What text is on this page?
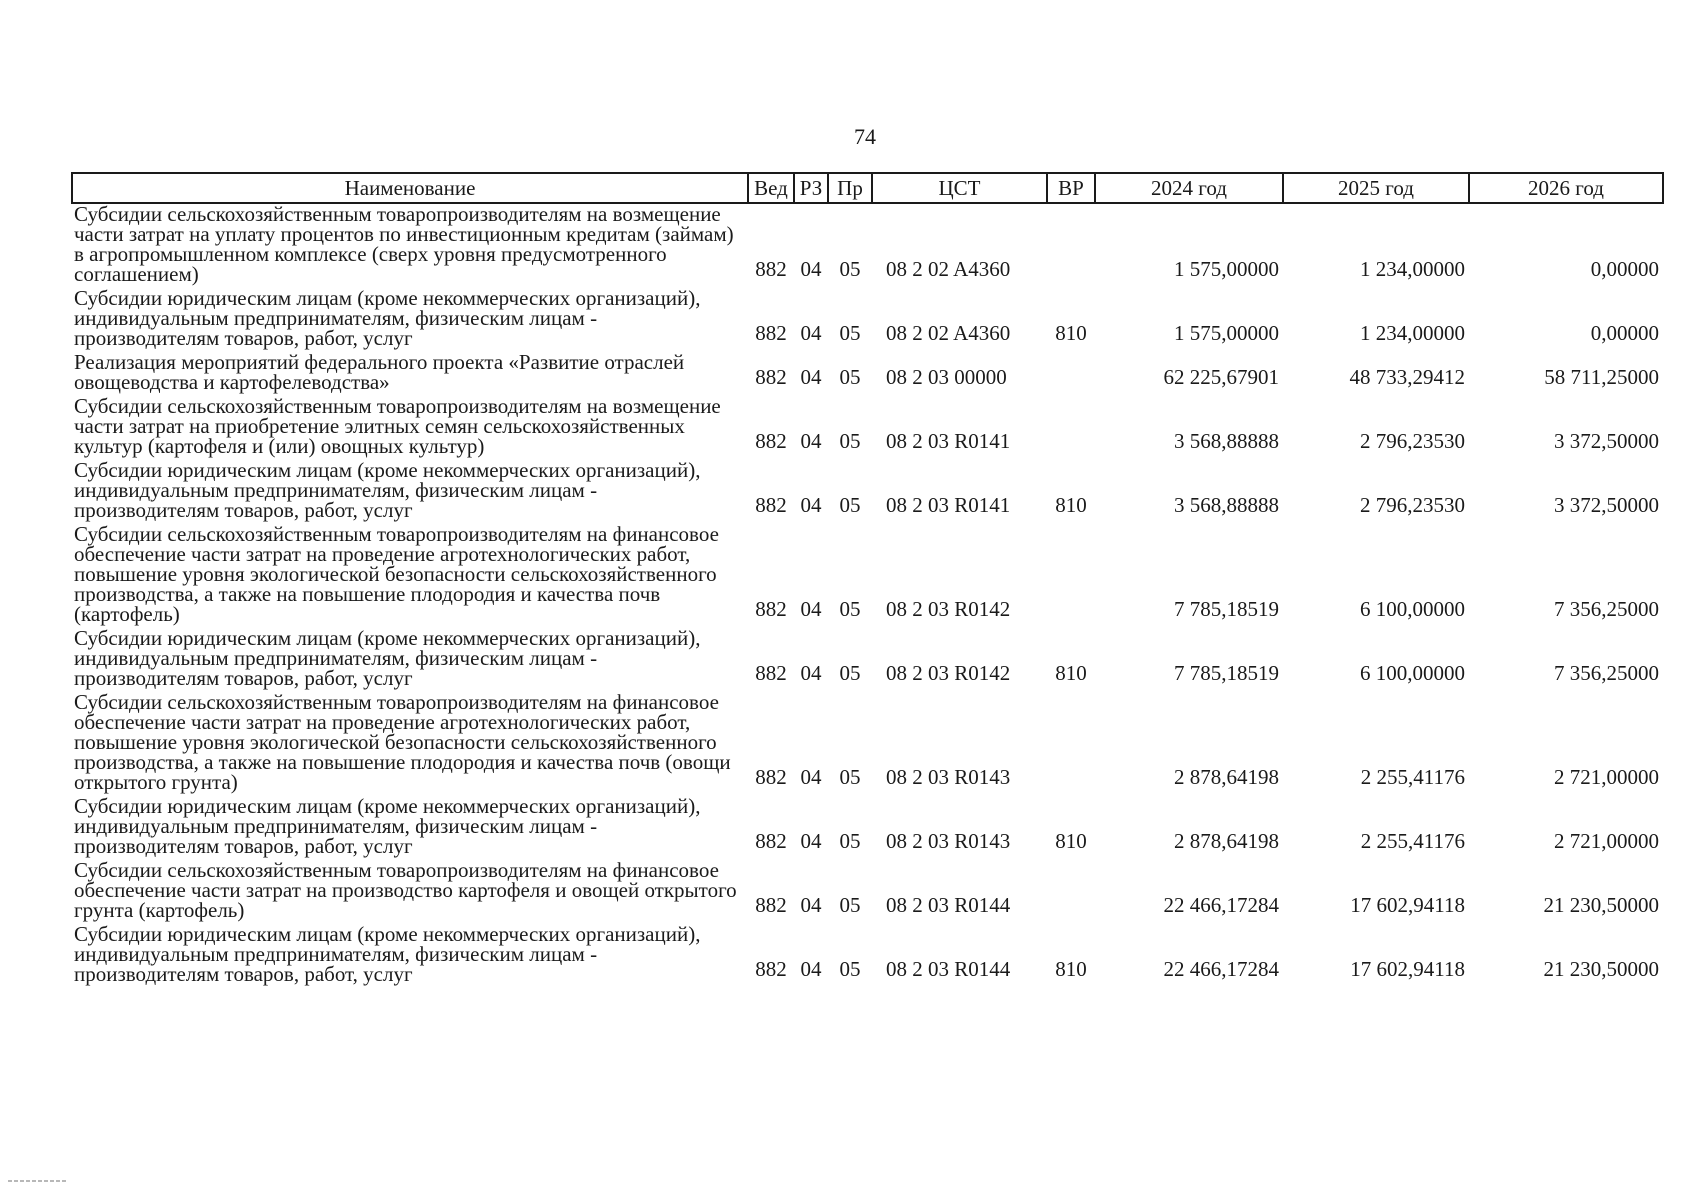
74
Наименование	Вед	РЗ	Пр	ЦСТ	ВР	2024 год	2025 год	2026 год
Субсидии сельскохозяйственным товаропроизводителям на возмещение части затрат на уплату процентов по инвестиционным кредитам (займам) в агропромышленном комплексе (сверх уровня предусмотренного соглашением)	882	04	05	08 2 02 A4360		1 575,00000	1 234,00000	0,00000
Субсидии юридическим лицам (кроме некоммерческих организаций), индивидуальным предпринимателям, физическим лицам - производителям товаров, работ, услуг	882	04	05	08 2 02 A4360	810	1 575,00000	1 234,00000	0,00000
Реализация мероприятий федерального проекта «Развитие отраслей овощеводства и картофелеводства»	882	04	05	08 2 03 00000		62 225,67901	48 733,29412	58 711,25000
Субсидии сельскохозяйственным товаропроизводителям на возмещение части затрат на приобретение элитных семян сельскохозяйственных культур (картофеля и (или) овощных культур)	882	04	05	08 2 03 R0141		3 568,88888	2 796,23530	3 372,50000
Субсидии юридическим лицам (кроме некоммерческих организаций), индивидуальным предпринимателям, физическим лицам - производителям товаров, работ, услуг	882	04	05	08 2 03 R0141	810	3 568,88888	2 796,23530	3 372,50000
Субсидии сельскохозяйственным товаропроизводителям на финансовое обеспечение части затрат на проведение агротехнологических работ, повышение уровня экологической безопасности сельскохозяйственного производства, а также на повышение плодородия и качества почв (картофель)	882	04	05	08 2 03 R0142		7 785,18519	6 100,00000	7 356,25000
Субсидии юридическим лицам (кроме некоммерческих организаций), индивидуальным предпринимателям, физическим лицам - производителям товаров, работ, услуг	882	04	05	08 2 03 R0142	810	7 785,18519	6 100,00000	7 356,25000
Субсидии сельскохозяйственным товаропроизводителям на финансовое обеспечение части затрат на проведение агротехнологических работ, повышение уровня экологической безопасности сельскохозяйственного производства, а также на повышение плодородия и качества почв (овощи открытого грунта)	882	04	05	08 2 03 R0143		2 878,64198	2 255,41176	2 721,00000
Субсидии юридическим лицам (кроме некоммерческих организаций), индивидуальным предпринимателям, физическим лицам - производителям товаров, работ, услуг	882	04	05	08 2 03 R0143	810	2 878,64198	2 255,41176	2 721,00000
Субсидии сельскохозяйственным товаропроизводителям на финансовое обеспечение части затрат на производство картофеля и овощей открытого грунта (картофель)	882	04	05	08 2 03 R0144		22 466,17284	17 602,94118	21 230,50000
Субсидии юридическим лицам (кроме некоммерческих организаций), индивидуальным предпринимателям, физическим лицам - производителям товаров, работ, услуг	882	04	05	08 2 03 R0144	810	22 466,17284	17 602,94118	21 230,50000
